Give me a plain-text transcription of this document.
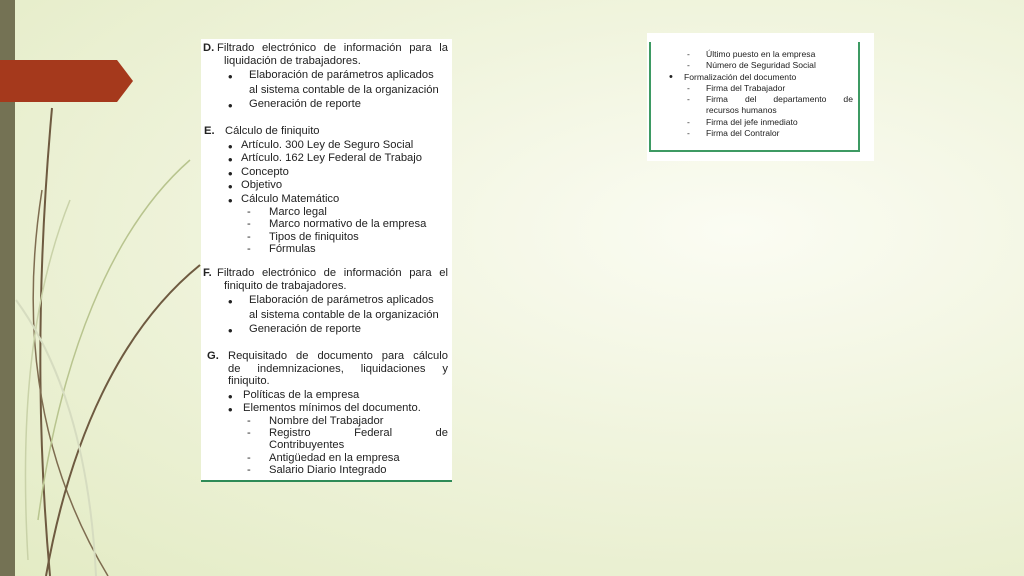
D. Filtrado electrónico de información para la
liquidación de trabajadores.
• Elaboración de parámetros aplicados
al sistema contable de la organización
• Generación de reporte
E. Cálculo de finiquito
• Artículo. 300 Ley de Seguro Social
• Artículo. 162 Ley Federal de Trabajo
• Concepto
• Objetivo
• Cálculo Matemático
- Marco legal
- Marco normativo de la empresa
- Tipos de finiquitos
- Fórmulas
F. Filtrado electrónico de información para el
finiquito de trabajadores.
• Elaboración de parámetros aplicados
al sistema contable de la organización
• Generación de reporte
G. Requisitado de documento para cálculo
de indemnizaciones, liquidaciones y
finiquito.
• Políticas de la empresa
• Elementos mínimos del documento.
- Nombre del Trabajador
- Registro	Federal	de
Contribuyentes
- Antigüedad en la empresa
- Salario Diario Integrado
- Último puesto en la empresa
- Número de Seguridad Social
• Formalización del documento
- Firma del Trabajador
- Firma del departamento de
recursos humanos
- Firma del jefe inmediato
- Firma del Contralor
